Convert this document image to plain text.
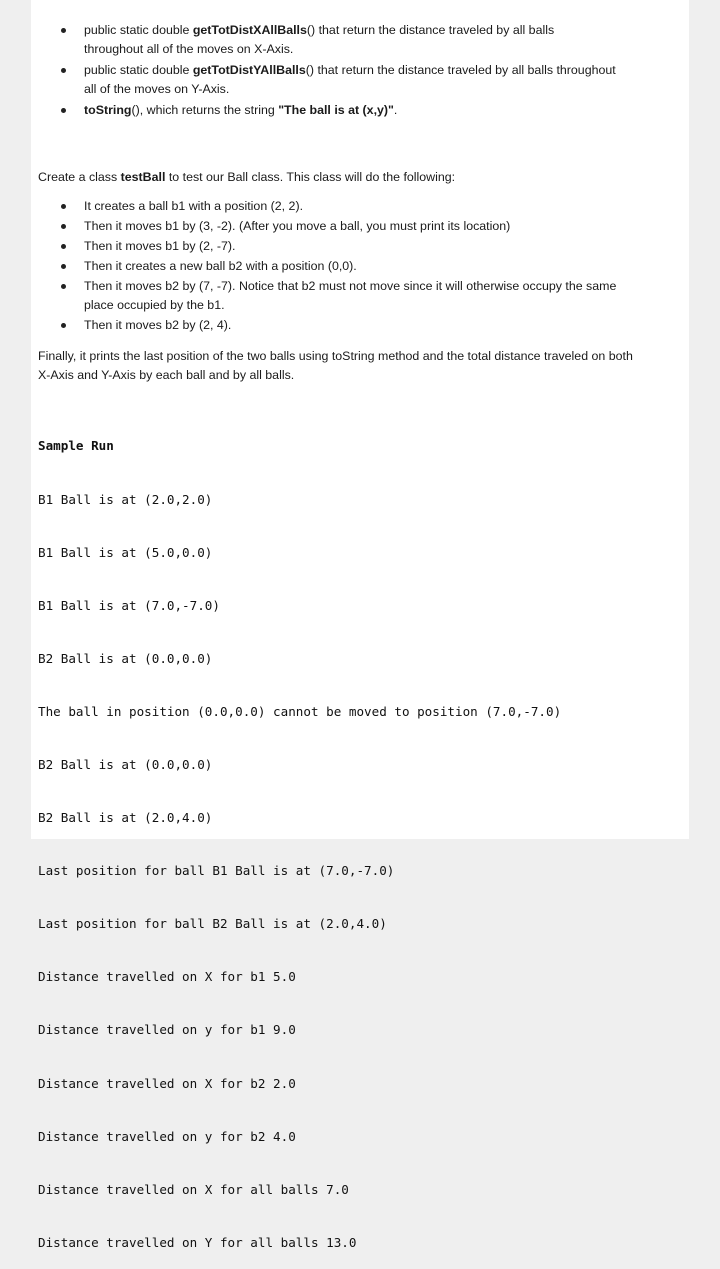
public static double getTotDistXAllBalls() that return the distance traveled by all balls throughout all of the moves on X-Axis.
public static double getTotDistYAllBalls() that return the distance traveled by all balls throughout all of the moves on Y-Axis.
toString(), which returns the string "The ball is at (x,y)".
Create a class testBall to test our Ball class. This class will do the following:
It creates a ball b1 with a position (2, 2).
Then it moves b1 by (3, -2). (After you move a ball, you must print its location)
Then it moves b1 by (2, -7).
Then it creates a new ball b2 with a position (0,0).
Then it moves b2 by (7, -7). Notice that b2 must not move since it will otherwise occupy the same place occupied by the b1.
Then it moves b2 by (2, 4).
Finally, it prints the last position of the two balls using toString method and the total distance traveled on both X-Axis and Y-Axis by each ball and by all balls.

Sample Run

B1 Ball is at (2.0,2.0)

B1 Ball is at (5.0,0.0)

B1 Ball is at (7.0,-7.0)

B2 Ball is at (0.0,0.0)

The ball in position (0.0,0.0) cannot be moved to position (7.0,-7.0)

B2 Ball is at (0.0,0.0)

B2 Ball is at (2.0,4.0)

Last position for ball B1 Ball is at (7.0,-7.0)

Last position for ball B2 Ball is at (2.0,4.0)

Distance travelled on X for b1 5.0

Distance travelled on y for b1 9.0

Distance travelled on X for b2 2.0

Distance travelled on y for b2 4.0

Distance travelled on X for all balls 7.0

Distance travelled on Y for all balls 13.0
